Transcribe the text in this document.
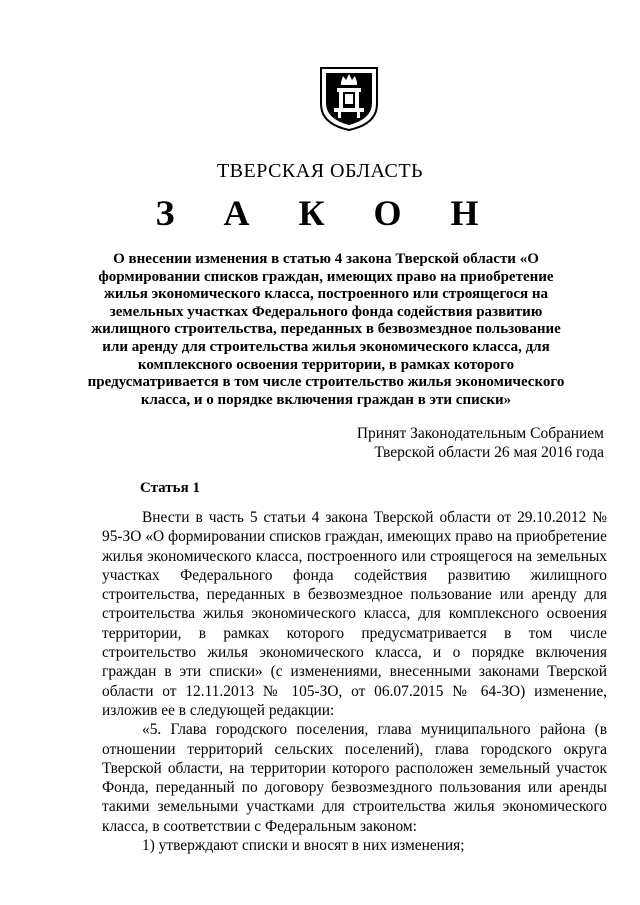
ТВЕРСКАЯ ОБЛАСТЬ
З А К О Н
О внесении изменения в статью 4 закона Тверской области «О формировании списков граждан, имеющих право на приобретение жилья экономического класса, построенного или строящегося на земельных участках Федерального фонда содействия развитию жилищного строительства, переданных в безвозмездное пользование или аренду для строительства жилья экономического класса, для комплексного освоения территории, в рамках которого предусматривается в том числе строительство жилья экономического класса, и о порядке включения граждан в эти списки»
Принят Законодательным Собранием
Тверской области 26 мая 2016 года
Статья 1

Внести в часть 5 статьи 4 закона Тверской области от 29.10.2012 № 95-ЗО «О формировании списков граждан, имеющих право на приобретение жилья экономического класса, построенного или строящегося на земельных участках Федерального фонда содействия развитию жилищного строительства, переданных в безвозмездное пользование или аренду для строительства жилья экономического класса, для комплексного освоения территории, в рамках которого предусматривается в том числе строительство жилья экономического класса, и о порядке включения граждан в эти списки» (с изменениями, внесенными законами Тверской области от 12.11.2013 № 105-ЗО, от 06.07.2015 № 64-ЗО) изменение, изложив ее в следующей редакции:

«5. Глава городского поселения, глава муниципального района (в отношении территорий сельских поселений), глава городского округа Тверской области, на территории которого расположен земельный участок Фонда, переданный по договору безвозмездного пользования или аренды такими земельными участками для строительства жилья экономического класса, в соответствии с Федеральным законом:

1) утверждают списки и вносят в них изменения;
